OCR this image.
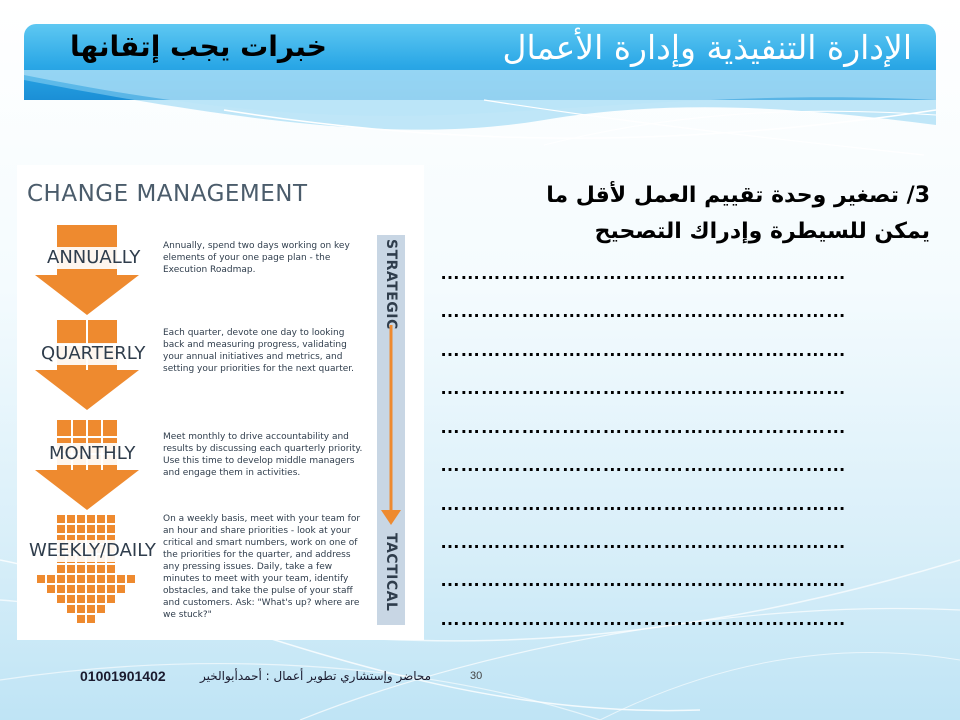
الإدارة التنفيذية وإدارة الأعمال
خبرات يجب إتقانها
CHANGE MANAGEMENT
ANNUALLY
QUARTERLY
MONTHLY
WEEKLY/DAILY
Annually, spend two days working on key elements of your one page plan - the Execution Roadmap.
Each quarter, devote one day to looking back and measuring progress, validating your annual initiatives and metrics, and setting your priorities for the next quarter.
Meet monthly to drive accountability and results by discussing each quarterly priority. Use this time to develop middle managers and engage them in activities.
On a weekly basis, meet with your team for an hour and share priorities - look at your critical and smart numbers, work on one of the priorities for the quarter, and address any pressing issues. Daily, take a few minutes to meet with your team, identify obstacles, and take the pulse of your staff and customers. Ask: "What's up? where are we stuck?"
STRATEGIC
TACTICAL
3/ تصغير وحدة تقييم العمل لأقل ما يمكن للسيطرة وإدراك التصحيح
……………………………………………………
……………………………………………………
……………………………………………………
……………………………………………………
……………………………………………………
……………………………………………………
……………………………………………………
……………………………………………………
……………………………………………………
……………………………………………………
01001901402	محاضر وإستشاري تطوير أعمال : أحمدأبوالخير	30
